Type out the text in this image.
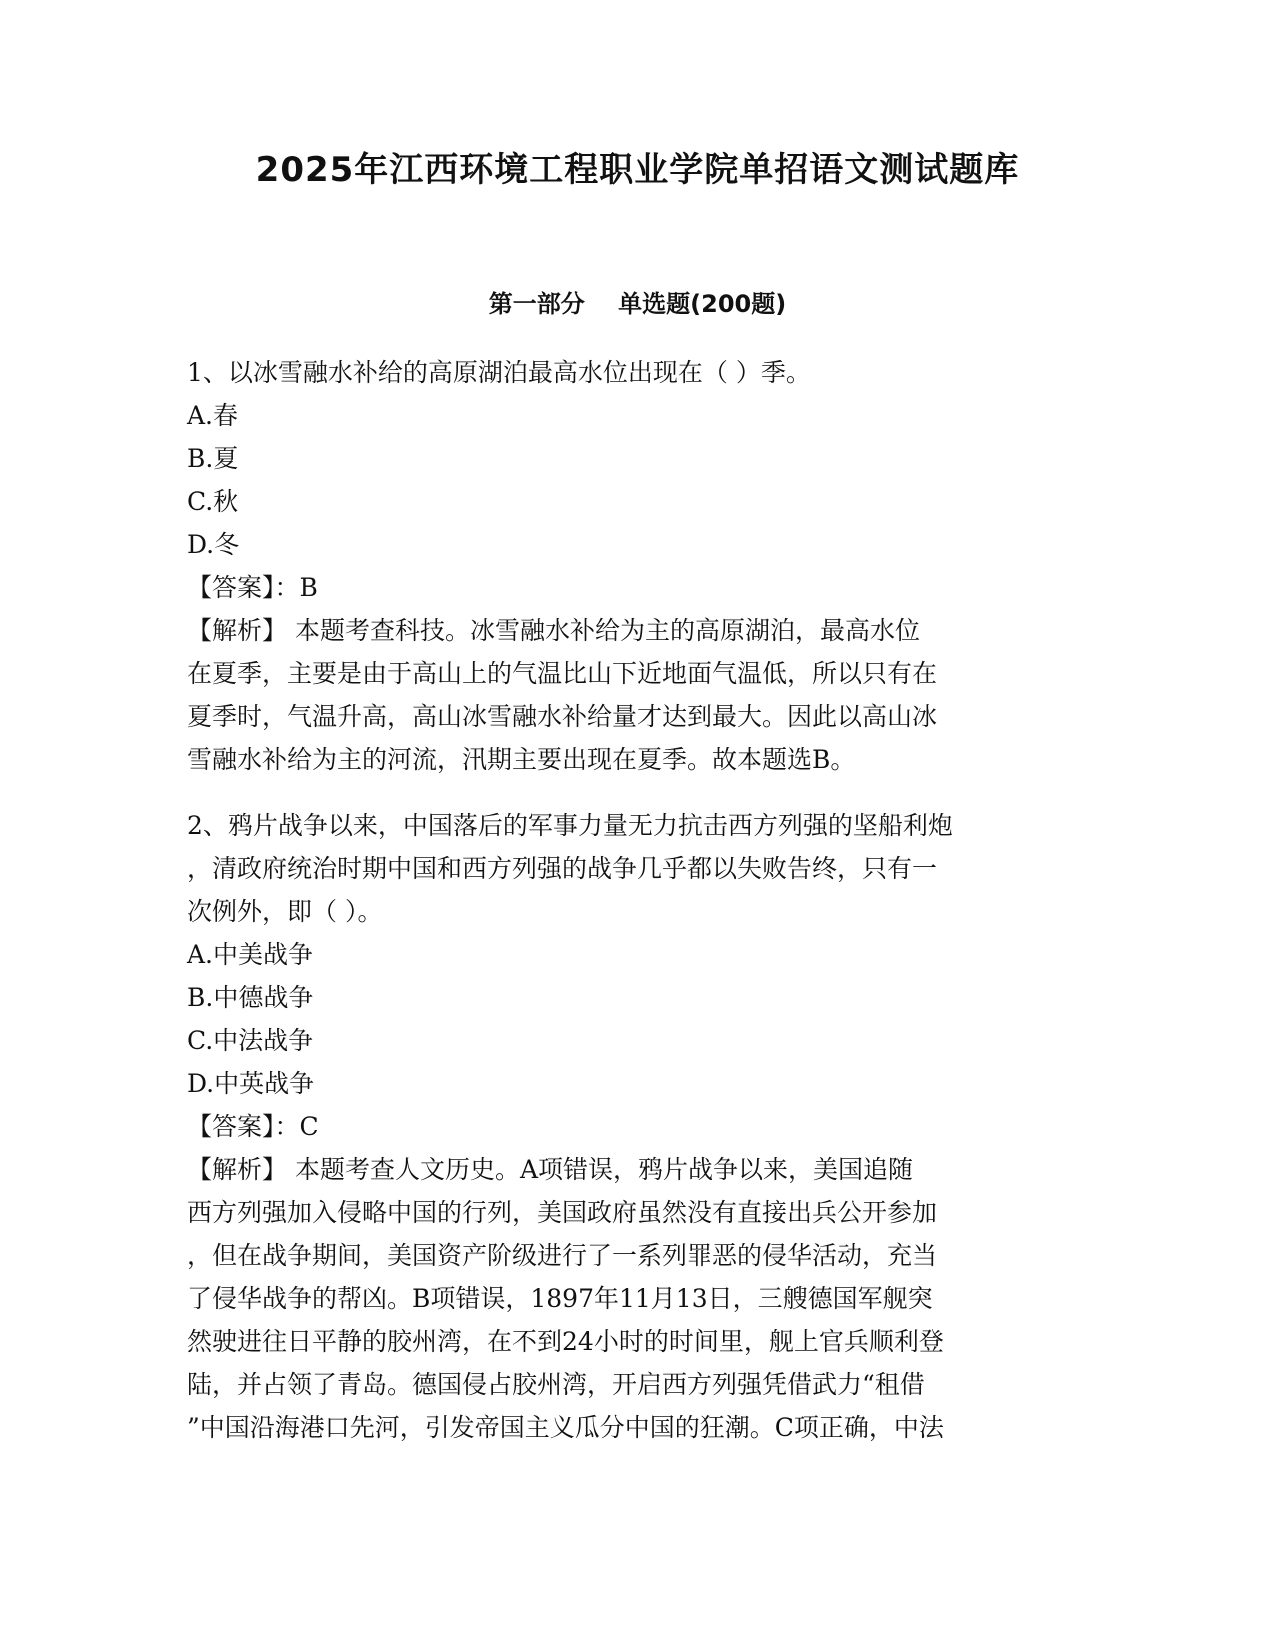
2025年江西环境工程职业学院单招语文测试题库
第一部分    单选题(200题)
1、以冰雪融水补给的高原湖泊最高水位出现在（ ）季。
A.春
B.夏
C.秋
D.冬
【答案】：B
【解析】 本题考查科技。冰雪融水补给为主的高原湖泊，最高水位
在夏季，主要是由于高山上的气温比山下近地面气温低，所以只有在
夏季时，气温升高，高山冰雪融水补给量才达到最大。因此以高山冰
雪融水补给为主的河流，汛期主要出现在夏季。故本题选B。
2、鸦片战争以来，中国落后的军事力量无力抗击西方列强的坚船利炮
，清政府统治时期中国和西方列强的战争几乎都以失败告终，只有一
次例外，即（ ）。
A.中美战争
B.中德战争
C.中法战争
D.中英战争
【答案】：C
【解析】 本题考查人文历史。A项错误，鸦片战争以来，美国追随
西方列强加入侵略中国的行列，美国政府虽然没有直接出兵公开参加
，但在战争期间，美国资产阶级进行了一系列罪恶的侵华活动，充当
了侵华战争的帮凶。B项错误，1897年11月13日，三艘德国军舰突
然驶进往日平静的胶州湾，在不到24小时的时间里，舰上官兵顺利登
陆，并占领了青岛。德国侵占胶州湾，开启西方列强凭借武力“租借
”中国沿海港口先河，引发帝国主义瓜分中国的狂潮。C项正确，中法
